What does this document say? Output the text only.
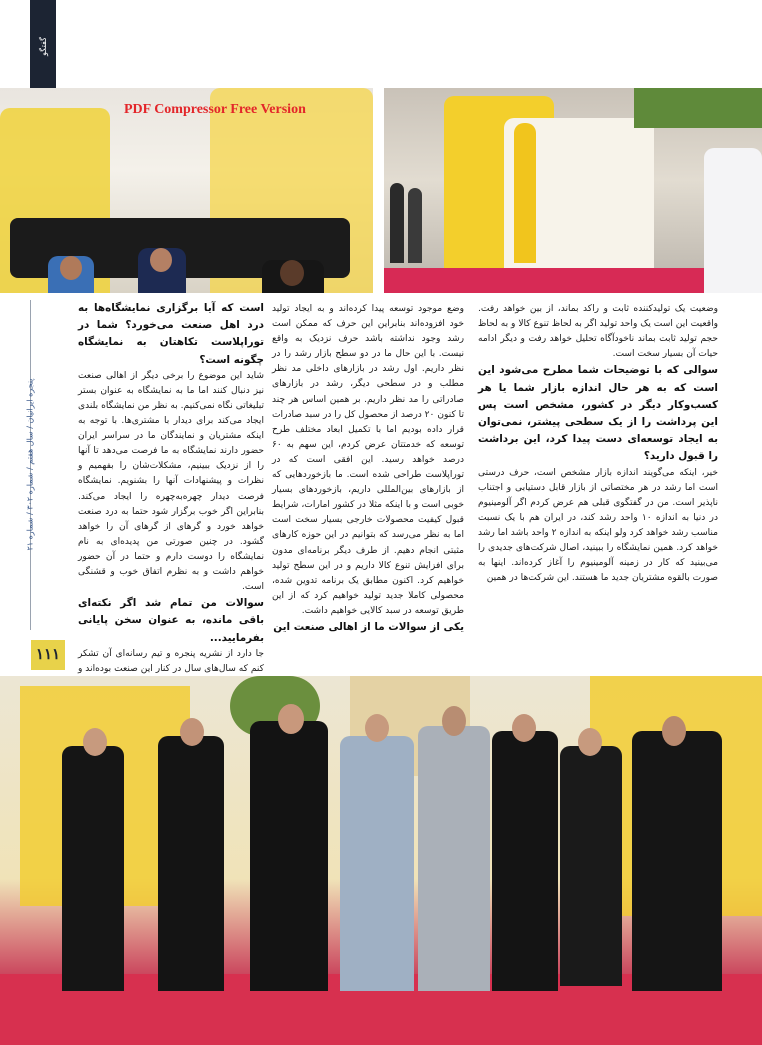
گفتگو
PDF Compressor Free Version
پنجره ایرانیان / سال هفتم / شماره ۳۰۲ / شماره ۲۱
۱۱۱

وضعیت یک تولیدکننده ثابت و راکد بماند، از بین خواهد رفت. واقعیت این است یک واحد تولید اگر به لحاظ تنوع کالا و به لحاظ حجم تولید ثابت بماند ناخودآگاه تحلیل خواهد رفت و دیگر ادامه حیات آن بسیار سخت است.

سوالی که با توضیحات شما مطرح می‌شود این است که به هر حال اندازه بازار شما یا هر کسب‌وکار دیگر در کشور، مشخص است پس این پرداشت را از یک سطحی پیشتر، نمی‌توان به ایجاد توسعه‌ای دست پیدا کرد، این برداشت را قبول دارید؟

خیر، اینکه می‌گویند اندازه بازار مشخص است، حرف درستی است اما رشد در هر مختصاتی از بازار قابل دستیابی و اجتناب ناپذیر است. من در گفتگوی قبلی هم عرض کردم اگر آلومینیوم در دنیا به اندازه ۱۰ واحد رشد کند، در ایران هم با یک نسبت مناسب رشد خواهد کرد ولو اینکه به اندازه ۲ واحد باشد اما رشد خواهد کرد. همین نمایشگاه را ببینید، اصال شرکت‌های جدیدی را می‌بینید که کار در زمینه آلومینیوم را آغاز کرده‌اند. اینها به صورت بالقوه مشتریان جدید ما هستند. این شرکت‌ها در همین

وضع موجود توسعه پیدا کرده‌اند و به ایجاد تولید خود افزوده‌اند بنابراین این حرف که ممکن است رشد وجود نداشته باشد حرف نزدیک به واقع نیست. با این حال ما در دو سطح بازار رشد را در نظر داریم. اول رشد در بازارهای داخلی مد نظر مطلب و در سطحی دیگر، رشد در بازارهای صادراتی را مد نظر داریم. بر همین اساس هر چند تا کنون ۲۰ درصد از محصول کل را در سبد صادرات قرار داده بودیم اما با تکمیل ابعاد مختلف طرح توسعه که خدمتتان عرض کردم، این سهم به ۶۰ درصد خواهد رسید. این افقی است که در توراپلاست طراحی شده است. ما بازخوردهایی که از بازارهای بین‌المللی داریم، بازخوردهای بسیار خوبی است و با اینکه مثلا در کشور امارات، شرایط قبول کیفیت محصولات خارجی بسیار سخت است اما به نظر می‌رسد که بتوانیم در این حوزه کارهای مثبتی انجام دهیم. از طرف دیگر برنامه‌ای مدون برای افزایش تنوع کالا داریم و در این سطح تولید خواهیم کرد. اکنون مطابق یک برنامه تدوین شده، محصولی کاملا جدید تولید خواهیم کرد که از این طریق توسعه در سبد کالایی خواهیم داشت.

یکی از سوالات ما از اهالی صنعت این

است که آیا برگزاری نمایشگاه‌ها به درد اهل صنعت می‌خورد؟ شما در توراپلاست تکاهتان به نمایشگاه چگونه است؟

شاید این موضوع را برخی دیگر از اهالی صنعت نیز دنبال کنند اما ما به نمایشگاه به عنوان بستر تبلیغاتی نگاه نمی‌کنیم. به نظر من نمایشگاه بلندی ایجاد می‌کند برای دیدار با مشتری‌ها. با توجه به اینکه مشتریان و نمایندگان ما در سراسر ایران حضور دارند نمایشگاه به ما فرصت می‌دهد تا آنها را از نزدیک ببینیم، مشکلات‌شان را بفهمیم و نظرات و پیشنهادات آنها را بشنویم. نمایشگاه فرصت دیدار چهره‌به‌چهره را ایجاد می‌کند. بنابراین اگر خوب برگزار شود حتما به درد صنعت خواهد خورد و گرهای از گرهای آن را خواهد گشود. در چنین صورتی من پدیده‌ای به نام نمایشگاه را دوست دارم و حتما در آن حضور خواهم داشت و به نظرم اتفاق خوب و قشنگی است.

سوالات من تمام شد اگر نکته‌ای باقی مانده، به عنوان سخن پایانی بفرمایید...

جا دارد از نشریه پنجره و تیم رسانه‌ای آن تشکر کنم که سال‌های سال در کنار این صنعت بوده‌اند و
